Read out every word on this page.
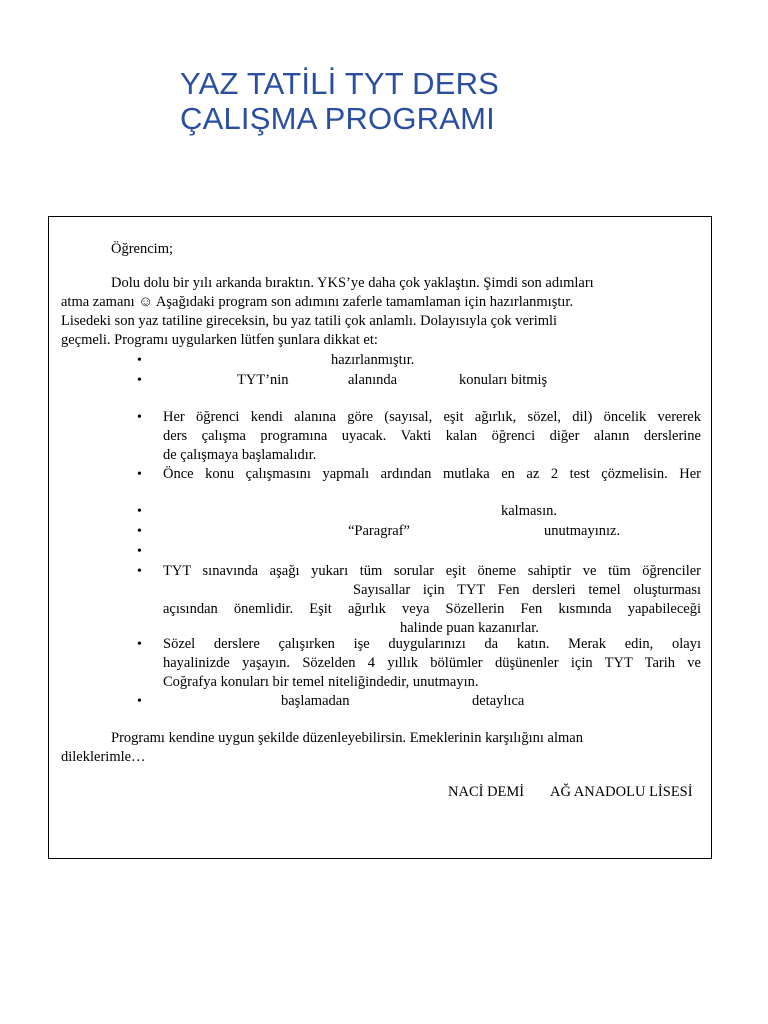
YAZ TATİLİ TYT DERS
ÇALIŞMA PROGRAMI
Öğrencim;

Dolu dolu bir yılı arkanda bıraktın. YKS’ye daha çok yaklaştın. Şimdi son adımları

atma zamanı ☺ Aşağıdaki program son adımını zaferle tamamlaman için hazırlanmıştır.

Lisedeki son yaz tatiline gireceksin, bu yaz tatili çok anlamlı. Dolayısıyla çok verimli

geçmeli. Programı uygularken lütfen şunlara dikkat et:

•	hazırlanmıştır.
•	TYT’nin	alanında	konuları bitmiş
• Her öğrenci kendi alanına göre (sayısal, eşit ağırlık, sözel, dil) öncelik vererek

ders çalışma programına uyacak. Vakti kalan öğrenci diğer alanın derslerine

de çalışmaya başlamalıdır.

• Önce konu çalışmasını yapmalı ardından mutlaka en az 2 test çözmelisin. Her

•	kalmasın.
•	“Paragraf”	unutmayınız.
•
• TYT sınavında aşağı yukarı tüm sorular eşit öneme sahiptir ve tüm öğrenciler

Sayısallar için TYT Fen dersleri temel oluşturması

açısından önemlidir. Eşit ağırlık veya Sözellerin Fen kısmında yapabileceği

halinde puan kazanırlar.

• Sözel derslere çalışırken işe duygularınızı da katın. Merak edin, olayı

hayalinizde yaşayın. Sözelden 4 yıllık bölümler düşünenler için TYT Tarih ve

Coğrafya konuları bir temel niteliğindedir, unutmayın.

•	başlamadan	detaylıca

Programı kendine uygun şekilde düzenleyebilirsin. Emeklerinin karşılığını alman

dileklerimle…

NACİ DEMİ AĞ ANADOLU LİSESİ
